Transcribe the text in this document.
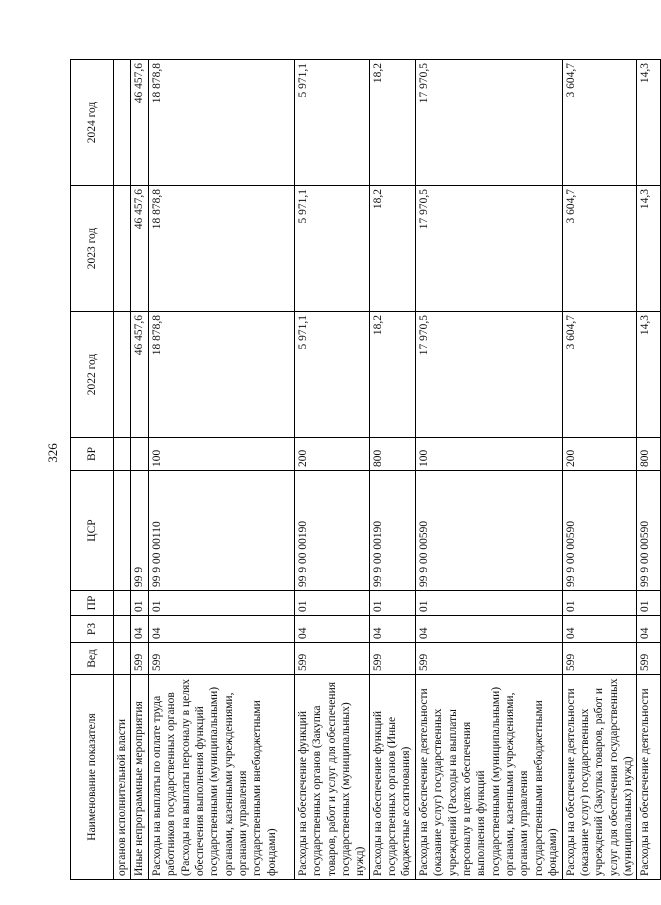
326
Наименование показателя	Вед	РЗ	ПР	ЦСР	ВР	2022 год	2023 год	2024 год
органов исполнительной власти								
Иные непрограммные мероприятия	599	04	01	99 9		46 457,6	46 457,6	46 457,6
Расходы на выплаты по оплате труда работников государственных органов (Расходы на выплаты персоналу в целях обеспечения выполнения функций государственными (муниципальными) органами, казенными учреждениями, органами управления государственными внебюджетными фондами)	599	04	01	99 9 00 00110	100	18 878,8	18 878,8	18 878,8
Расходы на обеспечение функций государственных органов (Закупка товаров, работ и услуг для обеспечения государственных (муниципальных) нужд)	599	04	01	99 9 00 00190	200	5 971,1	5 971,1	5 971,1
Расходы на обеспечение функций государственных органов (Иные бюджетные ассигнования)	599	04	01	99 9 00 00190	800	18,2	18,2	18,2
Расходы на обеспечение деятельности (оказание услуг) государственных учреждений (Расходы на выплаты персоналу в целях обеспечения выполнения функций государственными (муниципальными) органами, казенными учреждениями, органами управления государственными внебюджетными фондами)	599	04	01	99 9 00 00590	100	17 970,5	17 970,5	17 970,5
Расходы на обеспечение деятельности (оказание услуг) государственных учреждений (Закупка товаров, работ и услуг для обеспечения государственных (муниципальных) нужд)	599	04	01	99 9 00 00590	200	3 604,7	3 604,7	3 604,7
Расходы на обеспечение деятельности	599	04	01	99 9 00 00590	800	14,3	14,3	14,3
